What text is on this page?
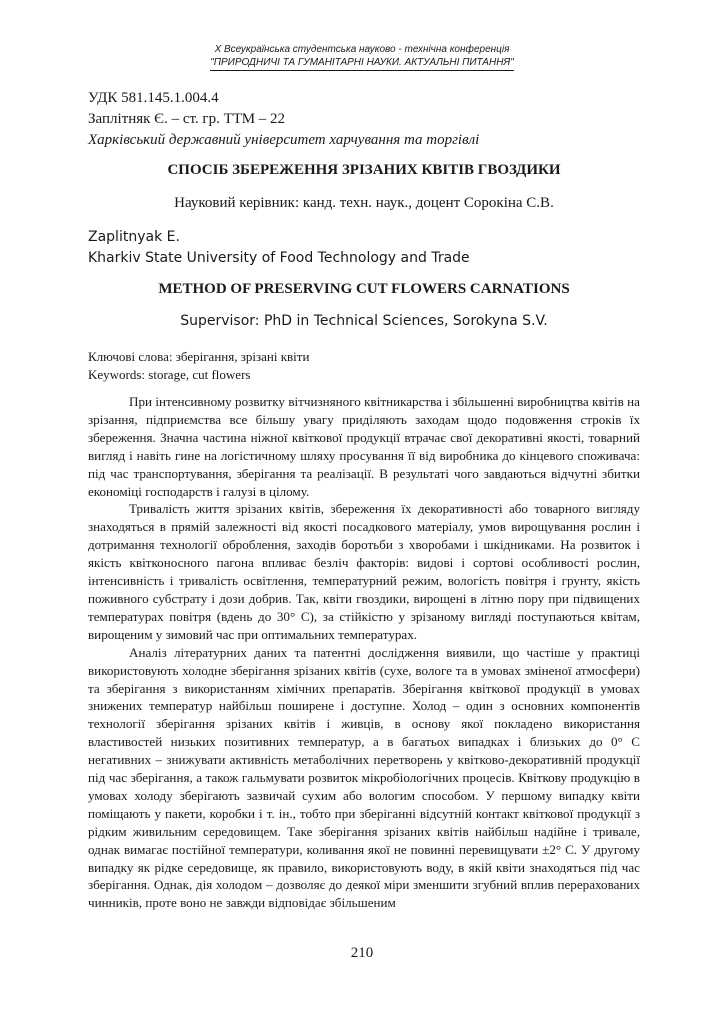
X Всеукраїнська студентська науково - технічна конференція
"ПРИРОДНИЧІ ТА ГУМАНІТАРНІ НАУКИ. АКТУАЛЬНІ ПИТАННЯ"
УДК 581.145.1.004.4
Заплітняк Є. – ст. гр. ТТМ – 22
Харківський державний університет харчування та торгівлі
СПОСІБ ЗБЕРЕЖЕННЯ ЗРІЗАНИХ КВІТІВ ГВОЗДИКИ
Науковий керівник: канд. техн. наук., доцент Сорокіна С.В.
Zaplitnyak E.
Kharkiv State University of Food Technology and Trade
METHOD OF PRESERVING CUT FLOWERS CARNATIONS
Supervisor: PhD in Technical Sciences, Sorokyna S.V.
Ключові слова: зберігання, зрізані квіти
Keywords: storage, cut flowers

При інтенсивному розвитку вітчизняного квітникарства і збільшенні виробництва квітів на зрізання, підприємства все більшу увагу приділяють заходам щодо подовження строків їх збереження. Значна частина ніжної квіткової продукції втрачає свої декоративні якості, товарний вигляд і навіть гине на логістичному шляху просування її від виробника до кінцевого споживача: під час транспортування, зберігання та реалізації. В результаті чого завдаються відчутні збитки економіці господарств і галузі в цілому.

Тривалість життя зрізаних квітів, збереження їх декоративності або товарного вигляду знаходяться в прямій залежності від якості посадкового матеріалу, умов вирощування рослин і дотримання технології оброблення, заходів боротьби з хворобами і шкідниками. На розвиток і якість квітконосного пагона впливає безліч факторів: видові і сортові особливості рослин, інтенсивність і тривалість освітлення, температурний режим, вологість повітря і грунту, якість поживного субстрату і дози добрив. Так, квіти гвоздики, вирощені в літню пору при підвищених температурах повітря (вдень до 30° С), за стійкістю у зрізаному вигляді поступаються квітам, вирощеним у зимовий час при оптимальних температурах.

Аналіз літературних даних та патентні дослідження виявили, що частіше у практиці використовують холодне зберігання зрізаних квітів (сухе, вологе та в умовах зміненої атмосфери) та зберігання з використанням хімічних препаратів. Зберігання квіткової продукції в умовах знижених температур найбільш поширене і доступне. Холод – один з основних компонентів технології зберігання зрізаних квітів і живців, в основу якої покладено використання властивостей низьких позитивних температур, а в багатьох випадках і близьких до 0° С негативних – знижувати активність метаболічних перетворень у квітково-декоративній продукції під час зберігання, а також гальмувати розвиток мікробіологічних процесів. Квіткову продукцію в умовах холоду зберігають зазвичай сухим або вологим способом. У першому випадку квіти поміщають у пакети, коробки і т. ін., тобто при зберіганні відсутній контакт квіткової продукції з рідким живильним середовищем. Таке зберігання зрізаних квітів найбільш надійне і тривале, однак вимагає постійної температури, коливання якої не повинні перевищувати ±2° С. У другому випадку як рідке середовище, як правило, використовують воду, в якій квіти знаходяться під час зберігання. Однак, дія холодом – дозволяє до деякої міри зменшити згубний вплив перерахованих чинників, проте воно не завжди відповідає збільшеним

210
